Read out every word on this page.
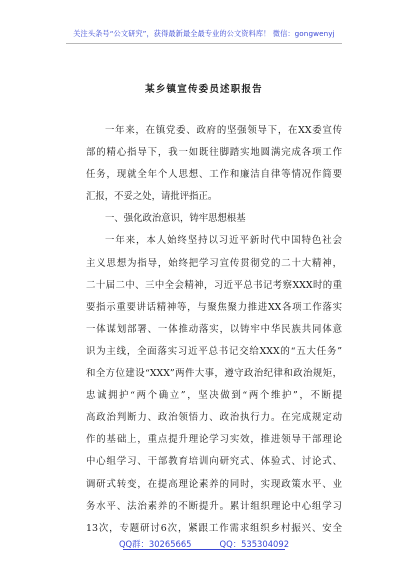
关注头条号“公文研究”，获得最新最全最专业的公文资料库！ 微信：gongwenyj
某乡镇宣传委员述职报告
一年来，在镇党委、政府的坚强领导下，在XX委宣传
部的精心指导下，我一如既往脚踏实地圆满完成各项工作
任务，现就全年个人思想、工作和廉洁自律等情况作简要
汇报，不妥之处，请批评指正。
一、强化政治意识，铸牢思想根基
一年来，本人始终坚持以习近平新时代中国特色社会
主义思想为指导，始终把学习宣传贯彻党的二十大精神，
二十届二中、三中全会精神，习近平总书记考察XXX时的重
要指示重要讲话精神等，与聚焦聚力推进XX各项工作落实
一体谋划部署、一体推动落实，以铸牢中华民族共同体意
识为主线，全面落实习近平总书记交给XXX的“五大任务”
和全方位建设“XXX”两件大事，遵守政治纪律和政治规矩，
忠诚拥护“两个确立”，坚决做到“两个维护”，不断提
高政治判断力、政治领悟力、政治执行力。在完成规定动
作的基础上，重点提升理论学习实效，推进领导干部理论
中心组学习、干部教育培训向研究式、体验式、讨论式、
调研式转变，在提高理论素养的同时，实现政策水平、业
务水平、法治素养的不断提升。累计组织理论中心组学习
13次，专题研讨6次，紧跟工作需求组织乡村振兴、安全
QQ群：30265665	QQ：535304092
